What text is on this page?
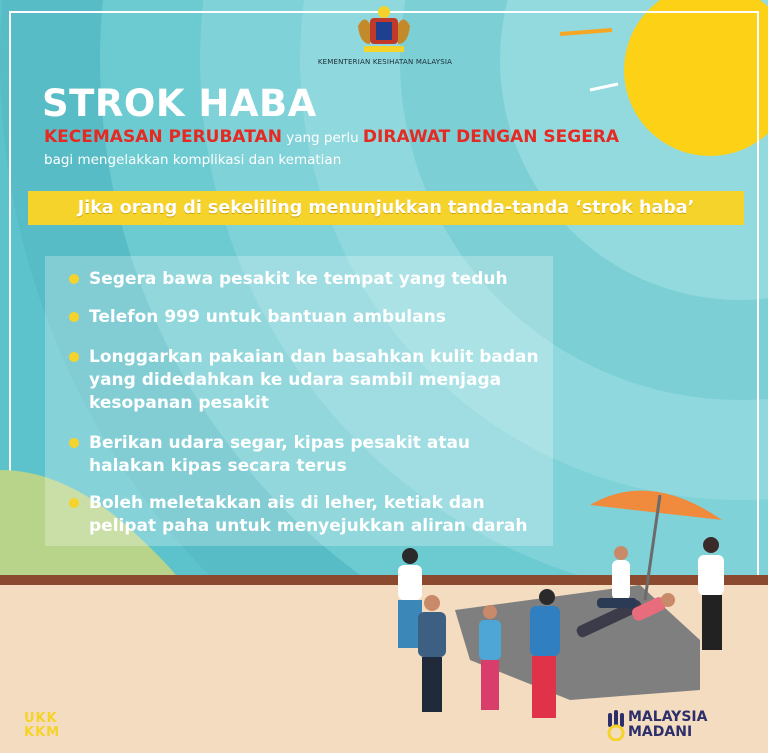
KEMENTERIAN KESIHATAN MALAYSIA
STROK HABA

KECEMASAN PERUBATAN yang perlu DIRAWAT DENGAN SEGERA bagi mengelakkan komplikasi dan kematian

Jika orang di sekeliling menunjukkan tanda-tanda ‘strok haba’
Segera bawa pesakit ke tempat yang teduh
Telefon 999 untuk bantuan ambulans
Longgarkan pakaian dan basahkan kulit badan yang didedahkan ke udara sambil menjaga kesopanan pesakit
Berikan udara segar, kipas pesakit atau halakan kipas secara terus
Boleh meletakkan ais di leher, ketiak dan pelipat paha untuk menyejukkan aliran darah
UKK
KKM
MALAYSIA
MADANI
